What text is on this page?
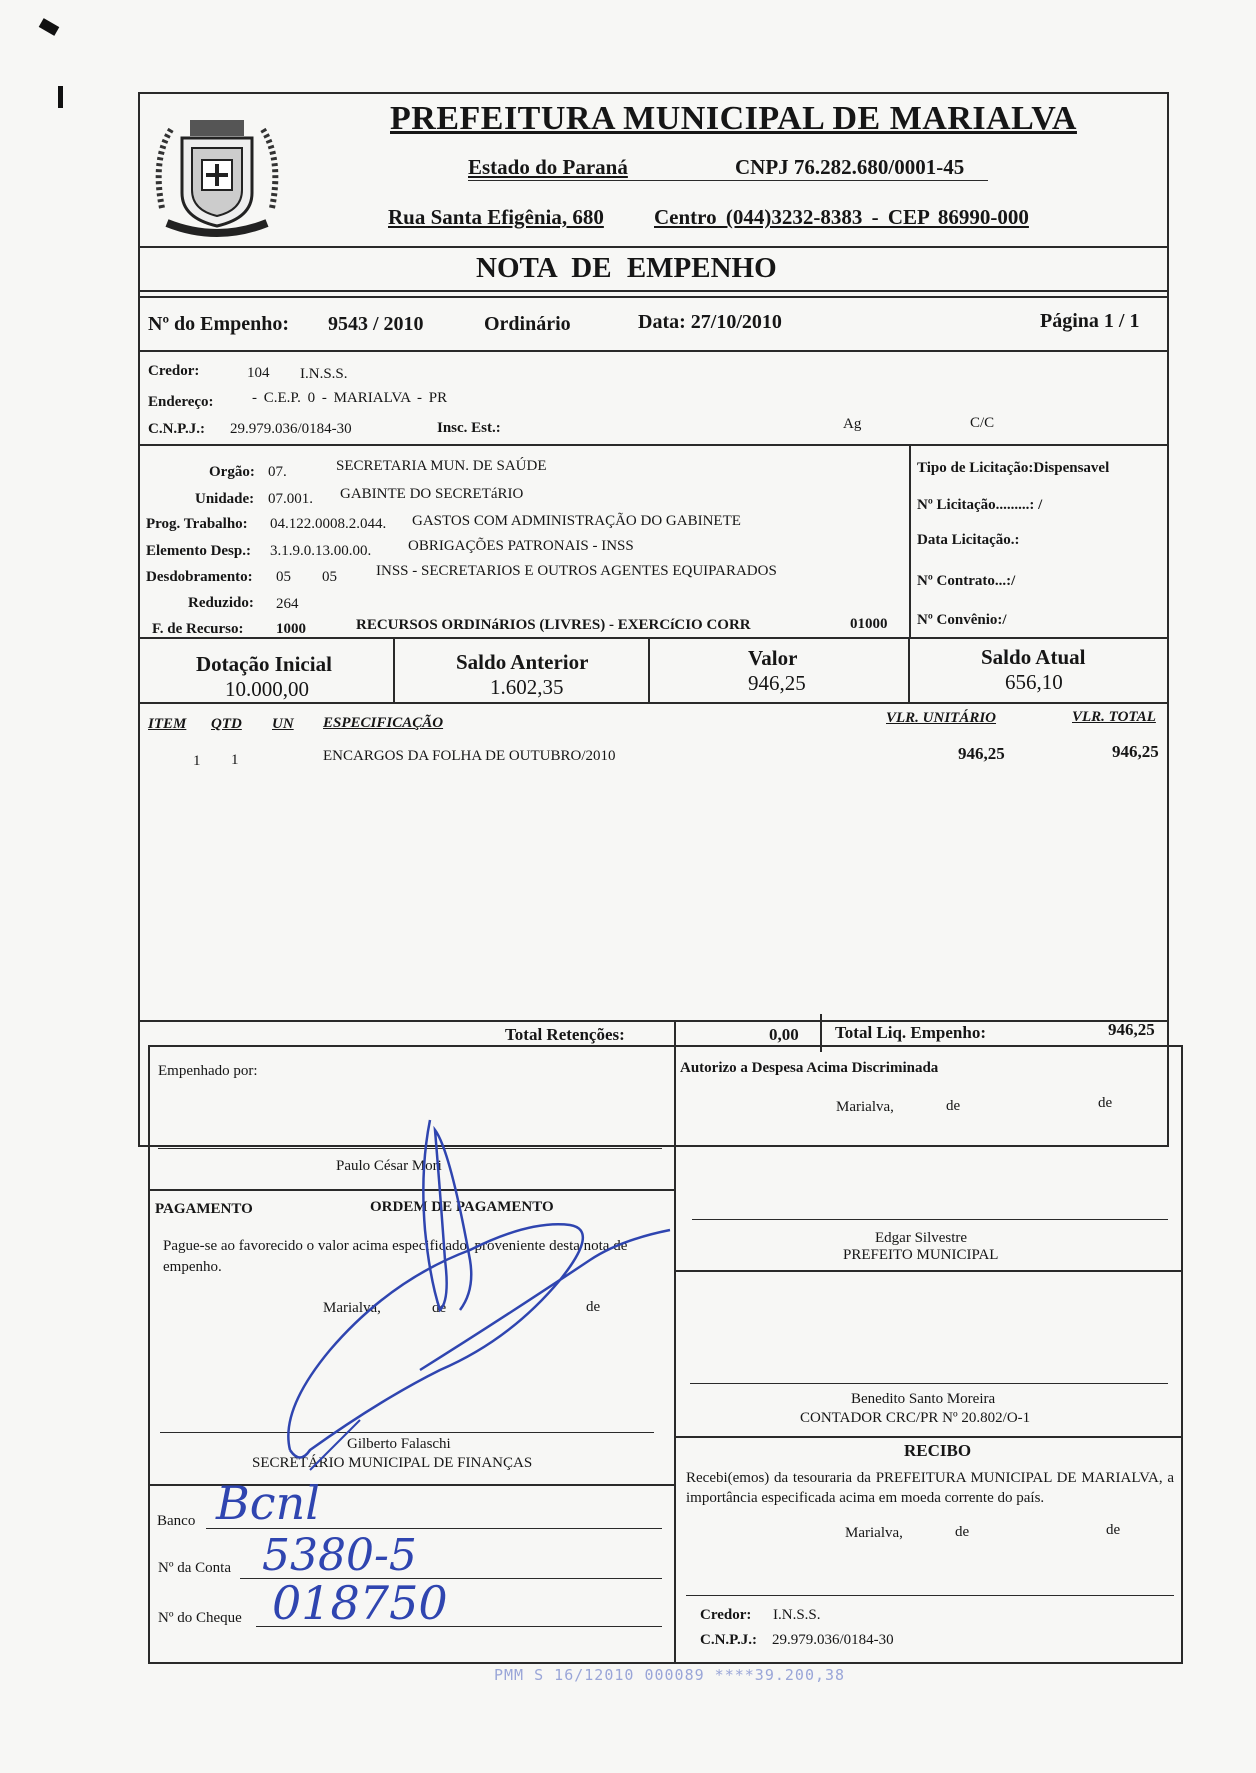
PREFEITURA MUNICIPAL DE MARIALVA
Estado do Paraná	CNPJ 76.282.680/0001-45
Rua Santa Efigênia, 680 Centro (044)3232-8383 - CEP 86990-000
NOTA DE EMPENHO
Nº do Empenho: 9543 / 2010	Ordinário	Data: 27/10/2010	Página 1 / 1
Credor:	104 I.N.S.S.
Endereço:	- C.E.P. 0 - MARIALVA - PR
C.N.P.J.: 29.979.036/0184-30	Insc. Est.:	Ag	C/C
Orgão: 07.	SECRETARIA MUN. DE SAÚDE
Unidade: 07.001. GABINTE DO SECRETáRIO
Prog. Trabalho: 04.122.0008.2.044. GASTOS COM ADMINISTRAÇÃO DO GABINETE
Elemento Desp.: 3.1.9.0.13.00.00. OBRIGAÇÕES PATRONAIS - INSS
Desdobramento: 05 05	INSS - SECRETARIOS E OUTROS AGENTES EQUIPARADOS
Reduzido: 264
F. de Recurso: 1000	RECURSOS ORDINáRIOS (LIVRES) - EXERCíCIO CORR	01000
Tipo de Licitação:Dispensavel
Nº Licitação.........: /
Data Licitação.:
Nº Contrato...:/
Nº Convênio:/
Dotação Inicial
10.000,00
Saldo Anterior
1.602,35
Valor
946,25
Saldo Atual
656,10
ITEM QTD UN ESPECIFICAÇÃO	VLR. UNITÁRIO	VLR. TOTAL
1 1	ENCARGOS DA FOLHA DE OUTUBRO/2010	946,25	946,25
Total Retenções:	0,00 Total Liq. Empenho:	946,25
Empenhado por:
Paulo César Mori
PAGAMENTO	ORDEM DE PAGAMENTO
Pague-se ao favorecido o valor acima especificado, proveniente desta nota de empenho.
Marialva,	de	de
Gilberto Falaschi
SECRETÁRIO MUNICIPAL DE FINANÇAS
Banco Bcnl
Nº da Conta 5380-5
Nº do Cheque 018750
Autorizo a Despesa Acima Discriminada
Marialva,	de	de
Edgar Silvestre
PREFEITO MUNICIPAL
Benedito Santo Moreira
CONTADOR CRC/PR Nº 20.802/O-1
RECIBO
Recebi(emos) da tesouraria da PREFEITURA MUNICIPAL DE MARIALVA, a importância especificada acima em moeda corrente do país.
Marialva,	de	de
Credor: I.N.S.S.
C.N.P.J.: 29.979.036/0184-30
PMM S 16/12010 000089 ****39.200,38
